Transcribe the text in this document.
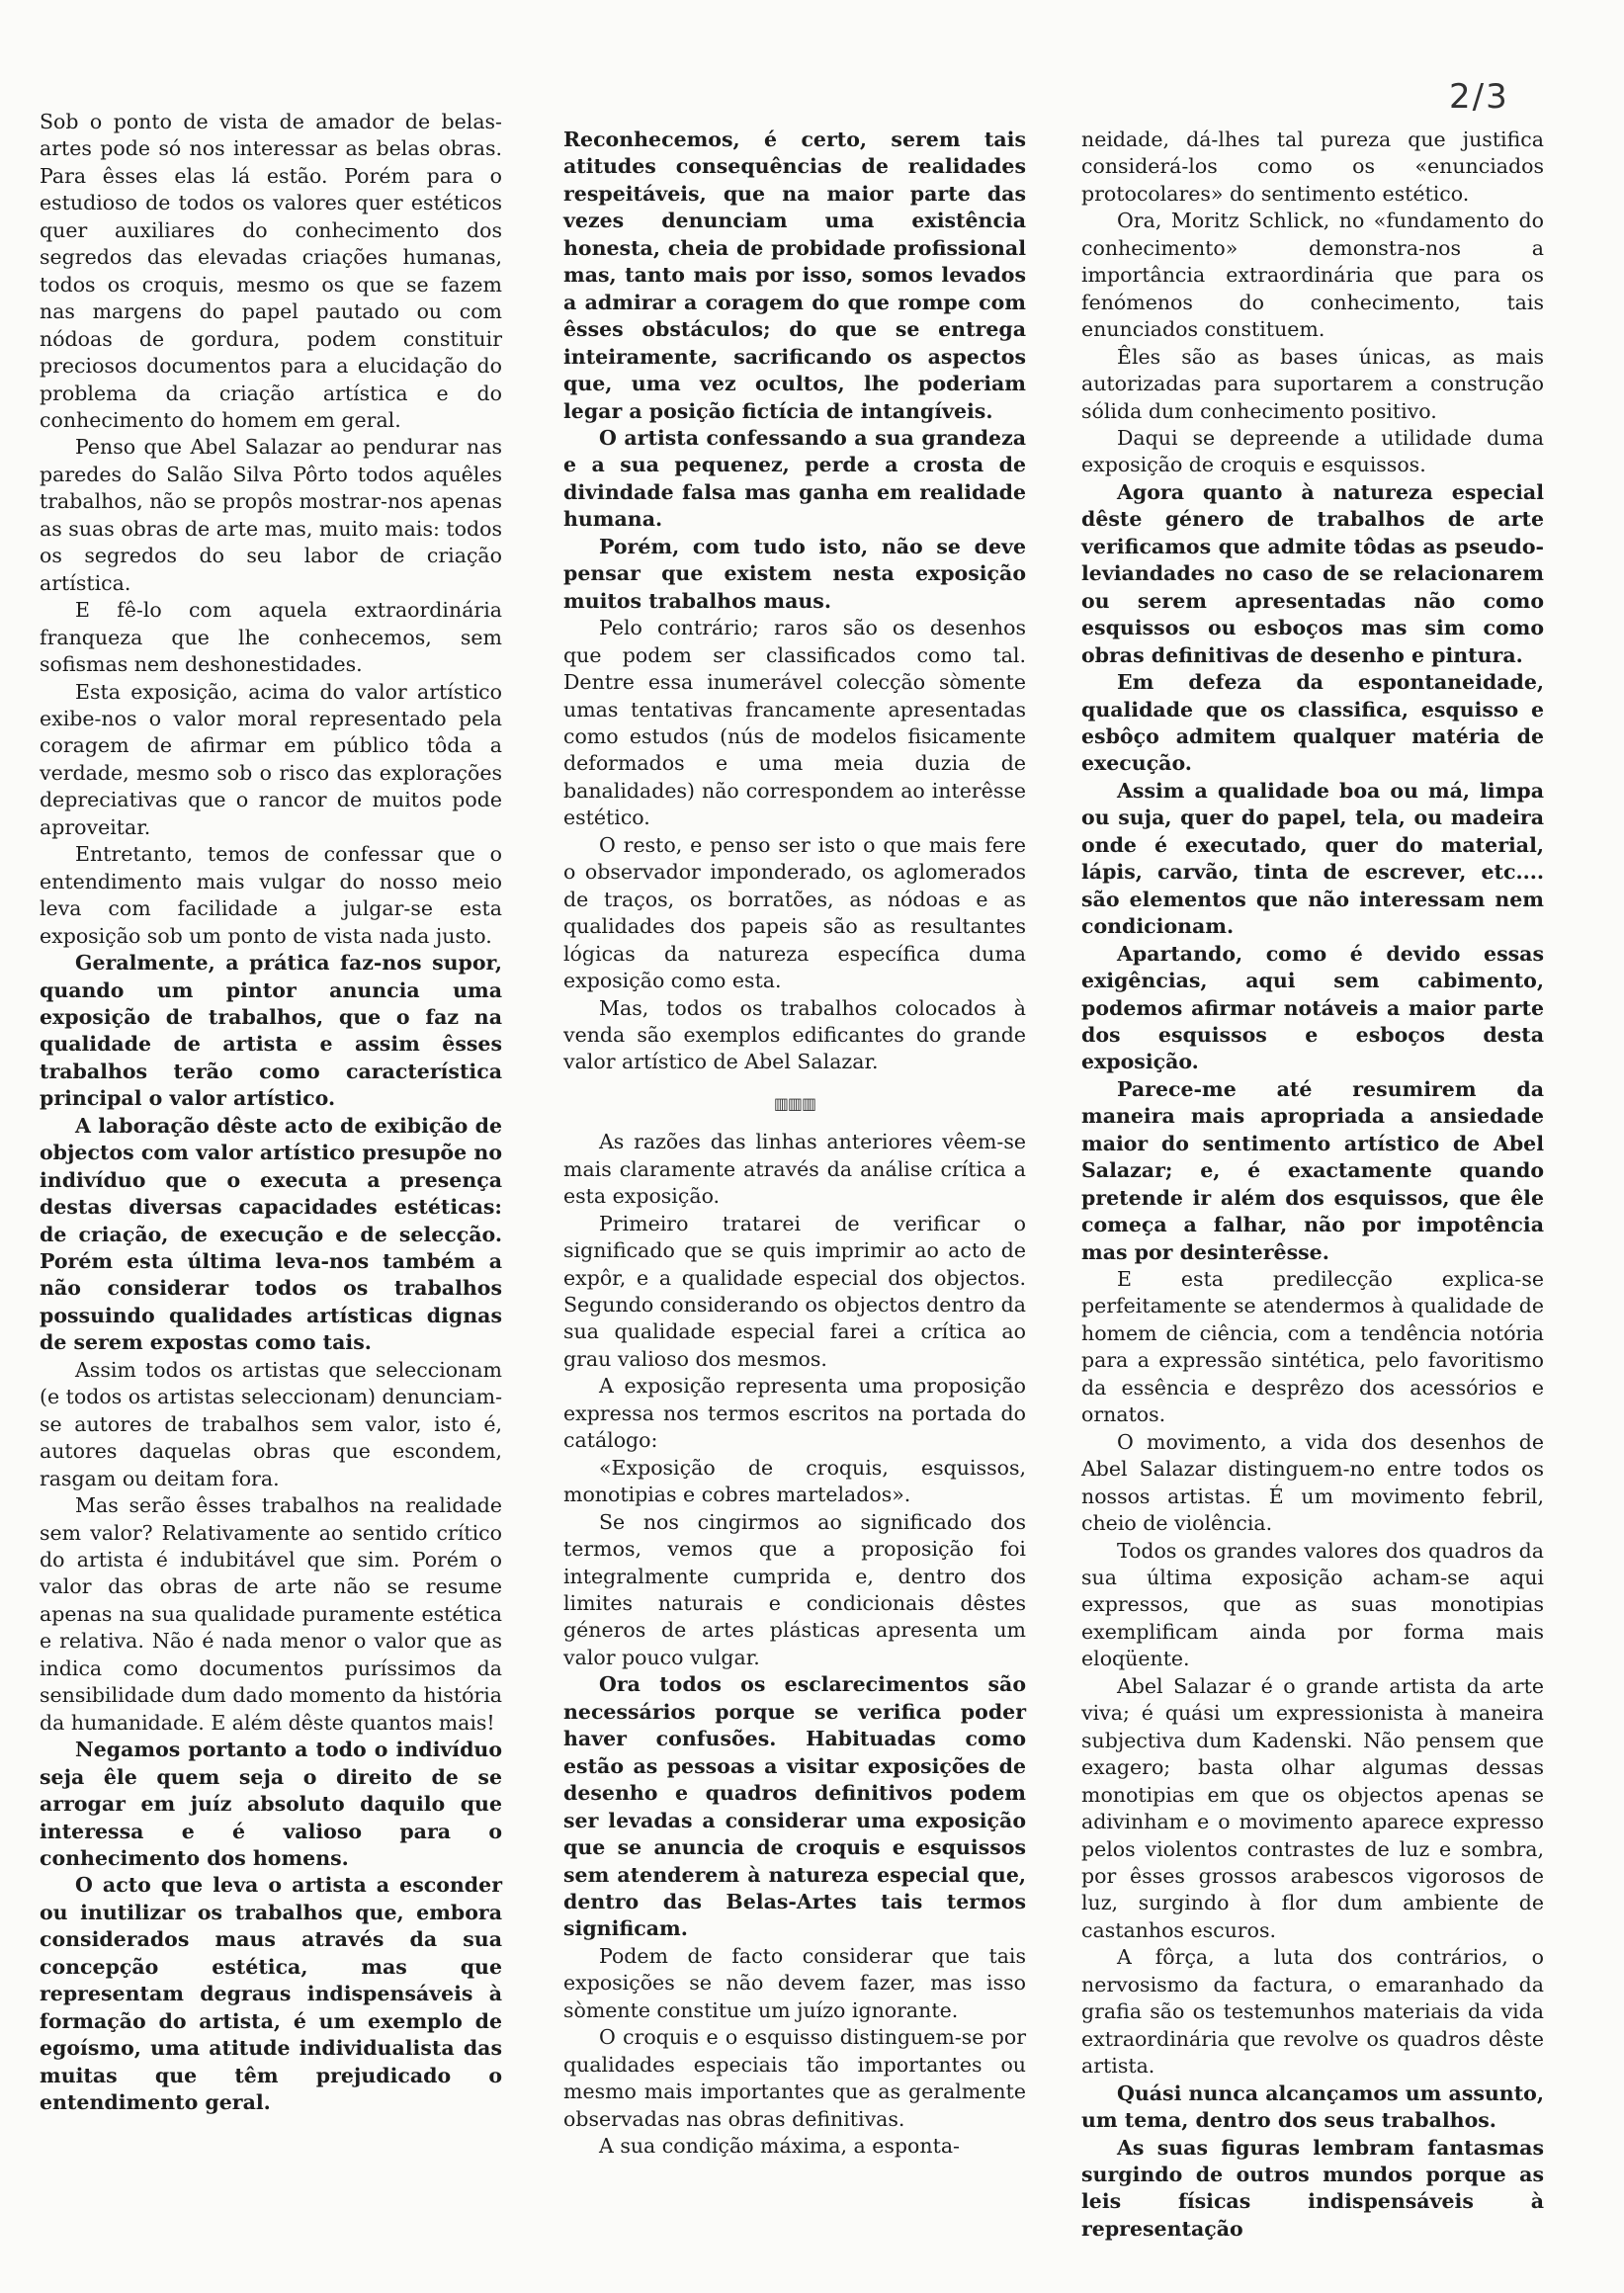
2/3

Sob o ponto de vista de amador de belas-artes pode só nos interessar as belas obras. Para êsses elas lá estão. Porém para o estudioso de todos os valores quer estéticos quer auxiliares do conhecimento dos segredos das elevadas criações humanas, todos os croquis, mesmo os que se fazem nas margens do papel pautado ou com nódoas de gordura, podem constituir preciosos documentos para a elucidação do problema da criação artística e do conhecimento do homem em geral.

Penso que Abel Salazar ao pendurar nas paredes do Salão Silva Pôrto todos aquêles trabalhos, não se propôs mostrar-nos apenas as suas obras de arte mas, muito mais: todos os segredos do seu labor de criação artística.

E fê-lo com aquela extraordinária franqueza que lhe conhecemos, sem sofismas nem deshonestidades.

Esta exposição, acima do valor artístico exibe-nos o valor moral representado pela coragem de afirmar em público tôda a verdade, mesmo sob o risco das explorações depreciativas que o rancor de muitos pode aproveitar.

Entretanto, temos de confessar que o entendimento mais vulgar do nosso meio leva com facilidade a julgar-se esta exposição sob um ponto de vista nada justo.

Geralmente, a prática faz-nos supor, quando um pintor anuncia uma exposição de trabalhos, que o faz na qualidade de artista e assim êsses trabalhos terão como característica principal o valor artístico.

A laboração dêste acto de exibição de objectos com valor artístico presupõe no indivíduo que o executa a presença destas diversas capacidades estéticas: de criação, de execução e de selecção. Porém esta última leva-nos também a não considerar todos os trabalhos possuindo qualidades artísticas dignas de serem expostas como tais.

Assim todos os artistas que seleccionam (e todos os artistas seleccionam) denunciam-se autores de trabalhos sem valor, isto é, autores daquelas obras que escondem, rasgam ou deitam fora.

Mas serão êsses trabalhos na realidade sem valor? Relativamente ao sentido crítico do artista é indubitável que sim. Porém o valor das obras de arte não se resume apenas na sua qualidade puramente estética e relativa. Não é nada menor o valor que as indica como documentos puríssimos da sensibilidade dum dado momento da história da humanidade. E além dêste quantos mais!

Negamos portanto a todo o indivíduo seja êle quem seja o direito de se arrogar em juíz absoluto daquilo que interessa e é valioso para o conhecimento dos homens.

O acto que leva o artista a esconder ou inutilizar os trabalhos que, embora considerados maus através da sua concepção estética, mas que representam degraus indispensáveis à formação do artista, é um exemplo de egoísmo, uma atitude individualista das muitas que têm prejudicado o entendimento geral.

Reconhecemos, é certo, serem tais atitudes consequências de realidades respeitáveis, que na maior parte das vezes denunciam uma existência honesta, cheia de probidade profissional mas, tanto mais por isso, somos levados a admirar a coragem do que rompe com êsses obstáculos; do que se entrega inteiramente, sacrificando os aspectos que, uma vez ocultos, lhe poderiam legar a posição fictícia de intangíveis.

O artista confessando a sua grandeza e a sua pequenez, perde a crosta de divindade falsa mas ganha em realidade humana.

Porém, com tudo isto, não se deve pensar que existem nesta exposição muitos trabalhos maus.

Pelo contrário; raros são os desenhos que podem ser classificados como tal. Dentre essa inumerável colecção sòmente umas tentativas francamente apresentadas como estudos (nús de modelos fisicamente deformados e uma meia duzia de banalidades) não correspondem ao interêsse estético.

O resto, e penso ser isto o que mais fere o observador imponderado, os aglomerados de traços, os borratões, as nódoas e as qualidades dos papeis são as resultantes lógicas da natureza específica duma exposição como esta.

Mas, todos os trabalhos colocados à venda são exemplos edificantes do grande valor artístico de Abel Salazar.

▥▥▥

As razões das linhas anteriores vêem-se mais claramente através da análise crítica a esta exposição.

Primeiro tratarei de verificar o significado que se quis imprimir ao acto de expôr, e a qualidade especial dos objectos. Segundo considerando os objectos dentro da sua qualidade especial farei a crítica ao grau valioso dos mesmos.

A exposição representa uma proposição expressa nos termos escritos na portada do catálogo:

«Exposição de croquis, esquissos, monotipias e cobres martelados».

Se nos cingirmos ao significado dos termos, vemos que a proposição foi integralmente cumprida e, dentro dos limites naturais e condicionais dêstes géneros de artes plásticas apresenta um valor pouco vulgar.

Ora todos os esclarecimentos são necessários porque se verifica poder haver confusões. Habituadas como estão as pessoas a visitar exposições de desenho e quadros definitivos podem ser levadas a considerar uma exposição que se anuncia de croquis e esquissos sem atenderem à natureza especial que, dentro das Belas-Artes tais termos significam.

Podem de facto considerar que tais exposições se não devem fazer, mas isso sòmente constitue um juízo ignorante.

O croquis e o esquisso distinguem-se por qualidades especiais tão importantes ou mesmo mais importantes que as geralmente observadas nas obras definitivas.

A sua condição máxima, a esponta-

neidade, dá-lhes tal pureza que justifica considerá-los como os «enunciados protocolares» do sentimento estético.

Ora, Moritz Schlick, no «fundamento do conhecimento» demonstra-nos a importância extraordinária que para os fenómenos do conhecimento, tais enunciados constituem.

Êles são as bases únicas, as mais autorizadas para suportarem a construção sólida dum conhecimento positivo.

Daqui se depreende a utilidade duma exposição de croquis e esquissos.

Agora quanto à natureza especial dêste género de trabalhos de arte verificamos que admite tôdas as pseudo-leviandades no caso de se relacionarem ou serem apresentadas não como esquissos ou esboços mas sim como obras definitivas de desenho e pintura.

Em defeza da espontaneidade, qualidade que os classifica, esquisso e esbôço admitem qualquer matéria de execução.

Assim a qualidade boa ou má, limpa ou suja, quer do papel, tela, ou madeira onde é executado, quer do material, lápis, carvão, tinta de escrever, etc.... são elementos que não interessam nem condicionam.

Apartando, como é devido essas exigências, aqui sem cabimento, podemos afirmar notáveis a maior parte dos esquissos e esboços desta exposição.

Parece-me até resumirem da maneira mais apropriada a ansiedade maior do sentimento artístico de Abel Salazar; e, é exactamente quando pretende ir além dos esquissos, que êle começa a falhar, não por impotência mas por desinterêsse.

E esta predilecção explica-se perfeitamente se atendermos à qualidade de homem de ciência, com a tendência notória para a expressão sintética, pelo favoritismo da essência e desprêzo dos acessórios e ornatos.

O movimento, a vida dos desenhos de Abel Salazar distinguem-no entre todos os nossos artistas. É um movimento febril, cheio de violência.

Todos os grandes valores dos quadros da sua última exposição acham-se aqui expressos, que as suas monotipias exemplificam ainda por forma mais eloqüente.

Abel Salazar é o grande artista da arte viva; é quási um expressionista à maneira subjectiva dum Kadenski. Não pensem que exagero; basta olhar algumas dessas monotipias em que os objectos apenas se adivinham e o movimento aparece expresso pelos violentos contrastes de luz e sombra, por êsses grossos arabescos vigorosos de luz, surgindo à flor dum ambiente de castanhos escuros.

A fôrça, a luta dos contrários, o nervosismo da factura, o emaranhado da grafia são os testemunhos materiais da vida extraordinária que revolve os quadros dêste artista.

Quási nunca alcançamos um assunto, um tema, dentro dos seus trabalhos.

As suas figuras lembram fantasmas surgindo de outros mundos porque as leis físicas indispensáveis à representação
